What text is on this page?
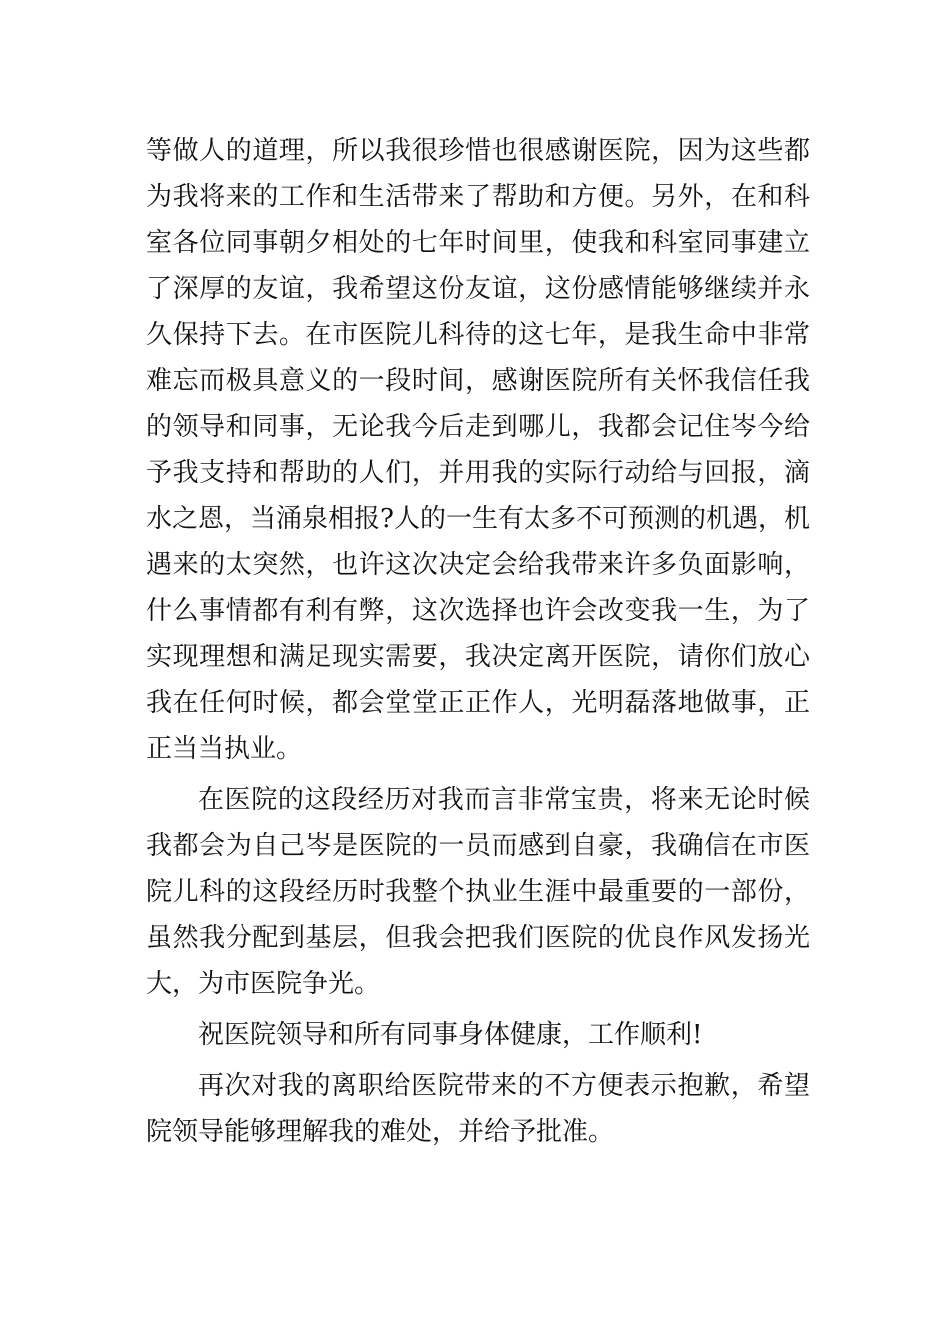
等做人的道理，所以我很珍惜也很感谢医院，因为这些都
为我将来的工作和生活带来了帮助和方便。另外，在和科
室各位同事朝夕相处的七年时间里，使我和科室同事建立
了深厚的友谊，我希望这份友谊，这份感情能够继续并永
久保持下去。在市医院儿科待的这七年，是我生命中非常
难忘而极具意义的一段时间，感谢医院所有关怀我信任我
的领导和同事，无论我今后走到哪儿，我都会记住岑今给
予我支持和帮助的人们，并用我的实际行动给与回报，滴
水之恩，当涌泉相报?人的一生有太多不可预测的机遇，机
遇来的太突然，也许这次决定会给我带来许多负面影响，
什么事情都有利有弊，这次选择也许会改变我一生，为了
实现理想和满足现实需要，我决定离开医院，请你们放心
我在任何时候，都会堂堂正正作人，光明磊落地做事，正
正当当执业。
在医院的这段经历对我而言非常宝贵，将来无论时候
我都会为自己岑是医院的一员而感到自豪，我确信在市医
院儿科的这段经历时我整个执业生涯中最重要的一部份，
虽然我分配到基层，但我会把我们医院的优良作风发扬光
大，为市医院争光。
祝医院领导和所有同事身体健康，工作顺利!
再次对我的离职给医院带来的不方便表示抱歉，希望
院领导能够理解我的难处，并给予批准。
